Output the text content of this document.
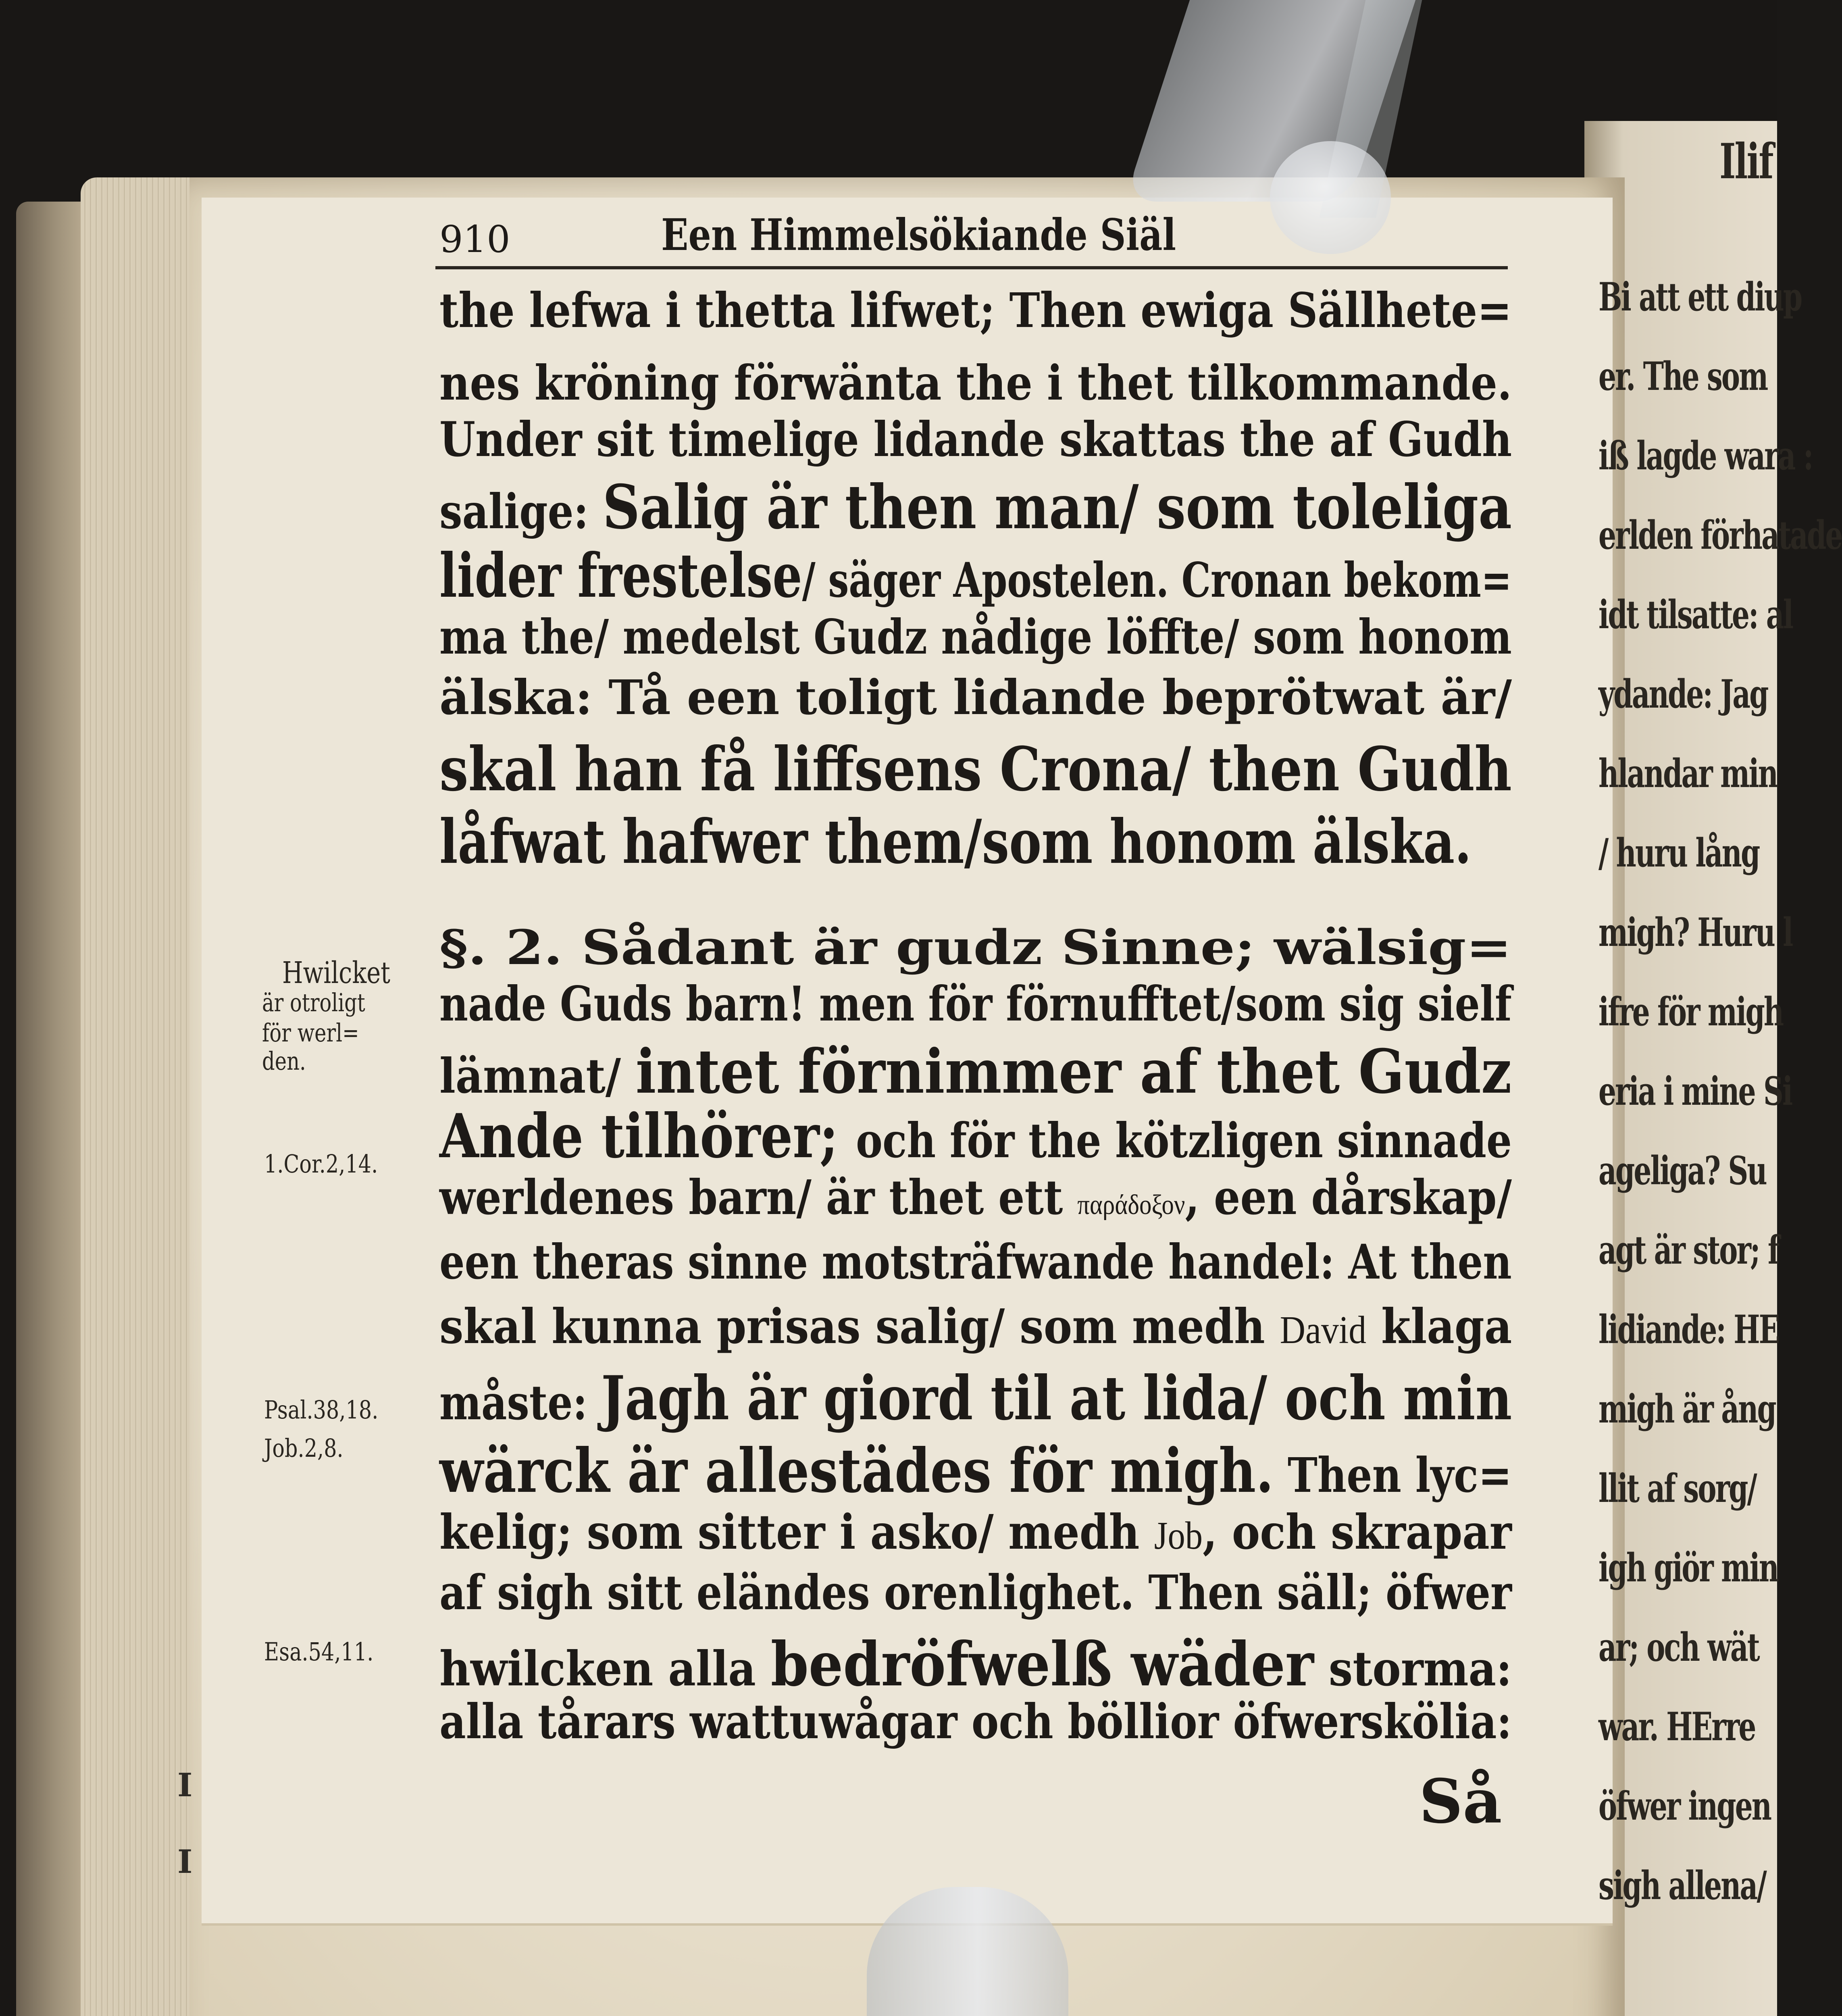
I
I
910	Een Himmelsökiande Siäl
the lefwa i thetta lifwet; Then ewiga Sällhete=
nes kröning förwänta the i thet tilkommande.
Under sit timelige lidande skattas the af Gudh
salige: Salig är then man/ som toleliga
lider frestelse/ säger Apostelen. Cronan bekom=
ma the/ medelst Gudz nådige löffte/ som honom
älska: Tå een toligt lidande beprötwat är/
skal han få liffsens Crona/ then Gudh
låfwat hafwer them/som honom älska.
§. 2. Sådant är gudz Sinne; wälsig=
nade Guds barn! men för förnufftet/som sig sielf
lämnat/ intet förnimmer af thet Gudz
Ande tilhörer; och för the kötzligen sinnade
werldenes barn/ är thet ett παράδοξον, een dårskap/
een theras sinne motsträfwande handel: At then
skal kunna prisas salig/ som medh David klaga
måste: Jagh är giord til at lida/ och min
wärck är allestädes för migh. Then lyc=
kelig; som sitter i asko/ medh Job, och skrapar
af sigh sitt eländes orenlighet. Then säll; öfwer
hwilcken alla bedröfwelß wäder storma:
alla tårars wattuwågar och böllior öfwerskölia:
Hwilcket
är otroligt
för werl=
den.
1.Cor.2,14.
Psal.38,18.
Job.2,8.
Esa.54,11.
Så
Ilif
Bi att ett diup
er. The som
iß lagde wara :
erlden förhatade
idt tilsatte: al
ydande: Jag
hlandar min
/ huru lång
migh? Huru l
ifre för migh
eria i mine Si
ageliga? Su
agt är stor; f
lidiande: HE
migh är ång
llit af sorg/
igh giör min
ar; och wät
war. HErre
öfwer ingen
sigh allena/
